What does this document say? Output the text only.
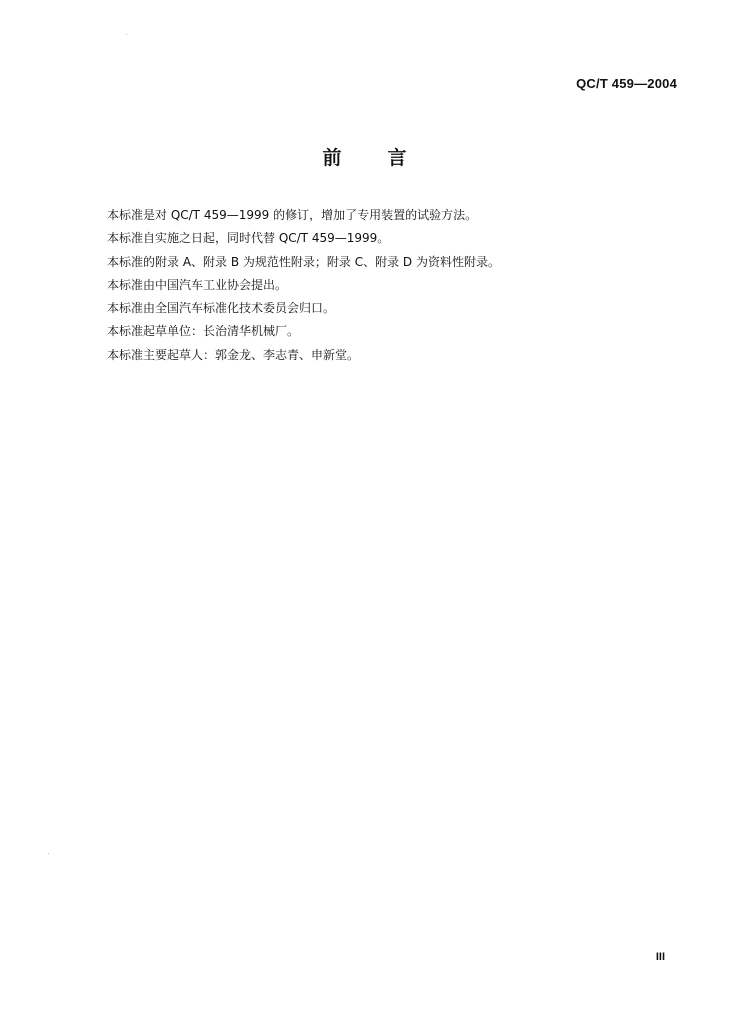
QC/T 459—2004
前 言
本标准是对 QC/T 459—1999 的修订，增加了专用装置的试验方法。
本标准自实施之日起，同时代替 QC/T 459—1999。
本标准的附录 A、附录 B 为规范性附录；附录 C、附录 D 为资料性附录。
本标准由中国汽车工业协会提出。
本标准由全国汽车标准化技术委员会归口。
本标准起草单位：长治清华机械厂。
本标准主要起草人：郭金龙、李志青、申新堂。
III
